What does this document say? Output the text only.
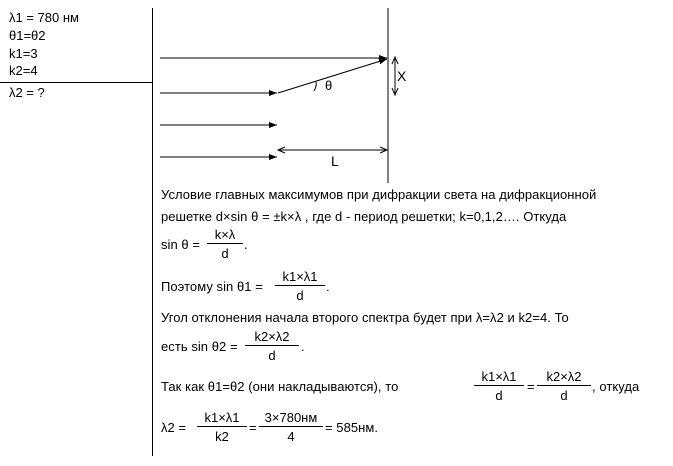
λ1 = 780 нм
θ1=θ2
k1=3
k2=4
λ2 = ?
X
θ
L
Условие главных максимумов при дифракции света на дифракционной
решетке d×sin θ = ±k×λ , где d - период решетки; k=0,1,2…. Откуда
$\sin \theta = \frac{k\times\lambda}{d}$ .
Поэтому $\sin \theta 1 = \frac{k1\times\lambda 1}{d}$ .
Угол отклонения начала второго спектра будет при λ=λ2 и k2=4. То
есть $\sin \theta 2 = \frac{k2\times\lambda 2}{d}$ .
Так как θ1=θ2 (они накладываются), то	$\frac{k1\times\lambda 1}{d} = \frac{k2\times\lambda 2}{d}$ , откуда
$\lambda 2 = \frac{k1\times\lambda 1}{k2}$ =
3×780нм
4
= 585нм.
